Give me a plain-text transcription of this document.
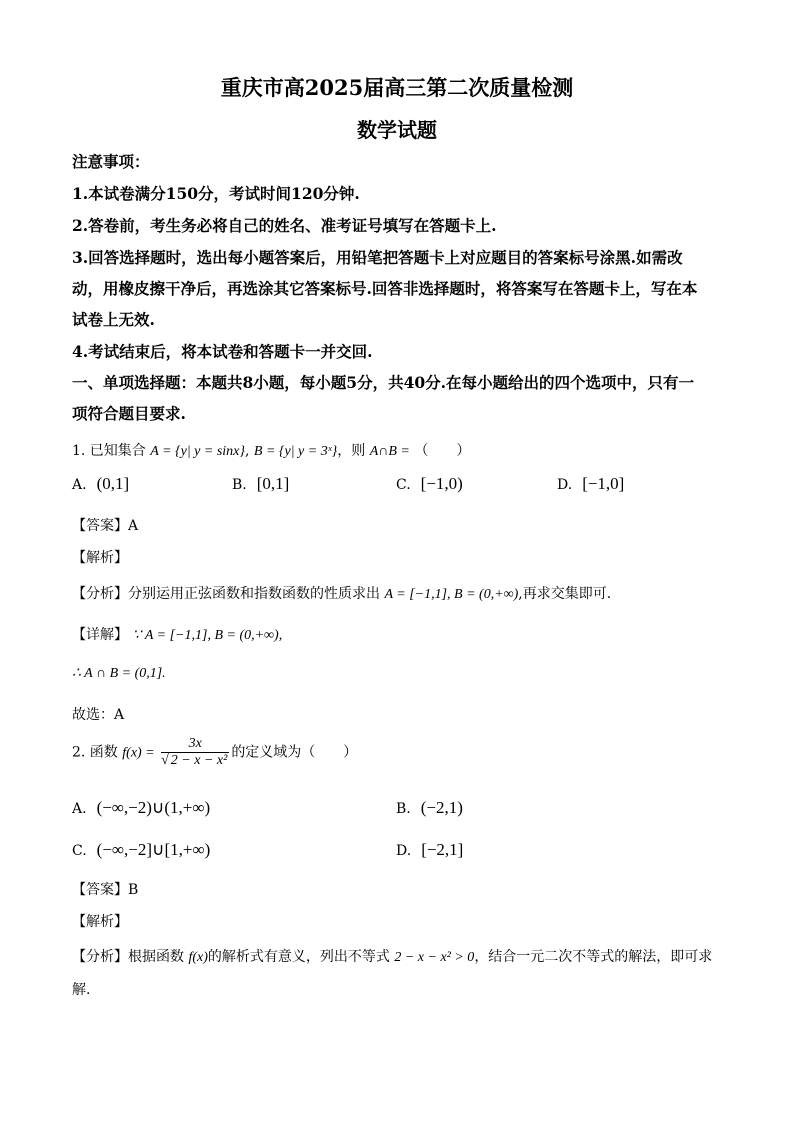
重庆市高2025届高三第二次质量检测
数学试题
注意事项：
1.本试卷满分150分，考试时间120分钟.
2.答卷前，考生务必将自己的姓名、准考证号填写在答题卡上.
3.回答选择题时，选出每小题答案后，用铅笔把答题卡上对应题目的答案标号涂黑.如需改
动，用橡皮擦干净后，再选涂其它答案标号.回答非选择题时，将答案写在答题卡上，写在本
试卷上无效.
4.考试结束后，将本试卷和答题卡一并交回.
一、单项选择题：本题共8小题，每小题5分，共40分.在每小题给出的四个选项中，只有一
项符合题目要求.
1. 已知集合 A = {y| y = sinx}, B = {y| y = 3ˣ}，则 A∩B = （　　）
A. (0,1]	B. [0,1]	C. [−1,0)	D. [−1,0]
【答案】A
【解析】
【分析】分别运用正弦函数和指数函数的性质求出 A = [−1,1], B = (0,+∞),再求交集即可.
【详解】 ∵ A = [−1,1], B = (0,+∞),
∴ A ∩ B = (0,1].
故选：A
2. 函数 $f(x) = \frac{3x}{\text{√ 2 − x − x²}}$ 的定义域为（　　）
A. (−∞,−2)∪(1,+∞)	B. (−2,1)
C. (−∞,−2]∪[1,+∞)	D. [−2,1]
【答案】B
【解析】
【分析】根据函数 f(x)的解析式有意义，列出不等式 2 − x − x² > 0，结合一元二次不等式的解法，即可求
解.
